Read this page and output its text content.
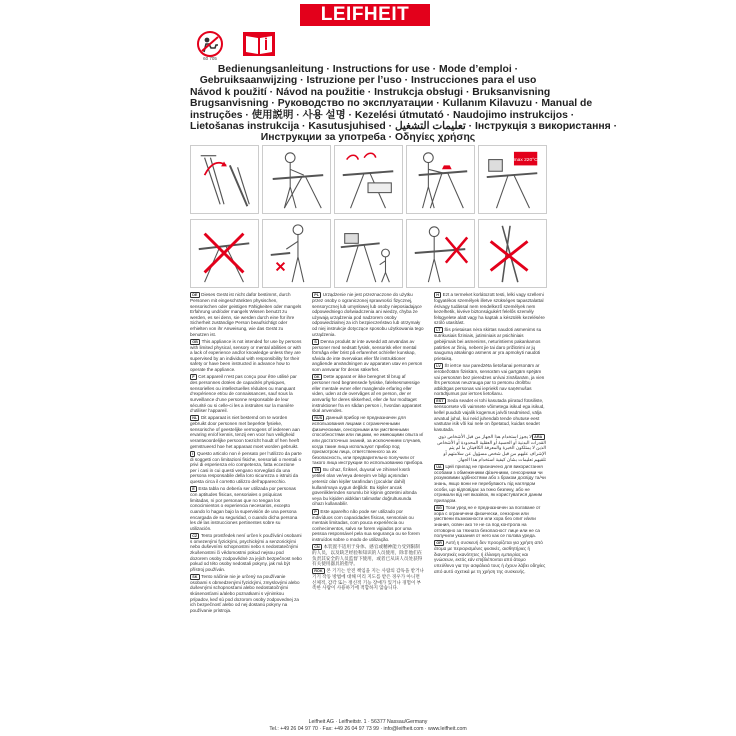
LEIFHEIT
60 705
Bedienungsanleitung · Instructions for use · Mode d’emploi ·
Gebruiksaanwijzing · Istruzione per l’uso · Instrucciones para el uso
Návod k použití · Návod na použitie · Instrukcja obsługi · Bruksanvisning
Brugsanvisning · Руководство по эксплуатации · Kullanım Kilavuzu · Manual de
instruções · 使用説明 · 사용 설명 · Kezelési útmutató · Naudojimo instrukcijos ·
Lietošanas instrukcija · Kasutusjuhised · تعليمات التشغيل · Інструкція з використання ·
Инструкции за употреба · Οδηγίες χρήσης
max 220°C

DE Dieses Gerät ist nicht dafür bestimmt, durch Personen mit eingeschränkten physischen, sensorischen oder geistigen Fähigkeiten oder mangels Erfahrung und/oder mangels Wissen benutzt zu werden, es sei denn, sie werden durch eine für ihre Sicherheit zuständige Person beaufsichtigt oder erhielten von ihr Anweisung, wie das Gerät zu benutzen ist.

GB This appliance is not intended for use by persons with limited physical, sensory or mental abilities or with a lack of experience and/or knowledge unless they are supervised by an individual with responsibility for their safety or have been instructed in advance how to operate the appliance.

F Cet appareil n’est pas conçu pour être utilisé par des personnes dotées de capacités physiques, sensorielles ou intellectuelles réduites ou manquant d’expérience et/ou de connaissances, sauf sous la surveillance d’une personne responsable de leur sécurité ou si celle-ci les a instruites sur la manière d’utiliser l’appareil.

NL Dit apparaat is niet bestemd om te worden gebruikt door personen met beperkte fysieke, sensorische of geestelijke vermogens of iedereen aan ervaring en/of kennis, tenzij een voor hun veiligheid verantwoordelijke persoon toezicht houdt of hen heeft geïnstrueerd hoe het apparaat moet worden gebruikt.

I Questo articolo non è pensato per l’utilizzo da parte di soggetti con limitazioni fisiche, sensoriali o mentali o privi di esperienza e/o competenza, fatta eccezione per i casi in cui questi vengano sorvegliati da una persona responsabile della loro sicurezza o istruiti da questa circa il corretto utilizzo dell’apparecchio.

E Esta tabla no debería ser utilizada por personas con aptitudes físicas, sensoriales o psíquicas limitadas, ni por personas que no tengan los conocimientos o experiencia necesarios, excepto cuando lo hagan bajo la supervisión de una persona encargada de su seguridad, o cuando dicha persona les dé las instrucciones pertinentes sobre su utilización.

CZ Tento prostředek není určen k používání osobami s omezenými fyzickými, psychickými a senzorickými nebo duševními schopnostmi nebo s nedostatečnými zkušenostmi či vědomostmi pokud nejsou pod dozorem osoby zodpovědné za jejich bezpečnost nebo pokud od této osoby nedostali pokyny, jak má být přístroj používán.

SK Tento náčinie nie je určený na používanie osobami s obmedzenými fyzickými, zmyslovými alebo duševnými schopnosťami alebo nedostatočnými skúsenosťami a/alebo poznatkami s výnimkou prípadov, keď sú pod dozorom osoby zodpovednej za ich bezpečnosť alebo od nej dostanú pokyny na používanie prístroja.

PL Urządzenie nie jest przeznaczone do użytku przez osoby o ograniczonej sprawności fizycznej, sensorycznej lub umysłowej lub osoby nieposiadające odpowiedniego doświadczenia ani wiedzy, chyba że używają urządzenia pod nadzorem osoby odpowiedzialnej za ich bezpieczeństwo lub otrzymały od niej instrukcje dotyczące sposobu użytkowania tego urządzenia.

S Denna produkt är inte avsedd att användas av personer med nedsatt fysisk, sensorisk eller mental förmåga eller brist på erfarenhet och/eller kunskap, såvida de inte övervakas eller får instruktioner angående användningen av apparaten utav en person som ansvarar för deras säkerhet.

DK Dette apparat er ikke beregnet til brug af personer med begrænsede fysiske, følelsesmæssige eller mentale evner eller manglende erfaring eller viden, uden at de overvåges af en person, der er ansvarlig for deres sikkerhed, eller de har modtaget instruktioner fra en sådan person i, hvordan apparatet skal anvendes.

RUS Данный прибор не предназначен для использования лицами с ограниченными физическими, сенсорными или умственными способностями или лицами, не имеющими опыта и/или достаточных знаний, за исключением случаев, когда такие лица используют прибор под присмотром лица, ответственного за их безопасность, или предварительно получили от такого лица инструкции по использованию прибора.

TR Bu cihaz, fiziksel, duyusal ve zihinsel kısıtlı yetileri olan ve/veya deneyim ve bilgi açısından yetersiz olan kişiler tarafından (çocuklar dahil) kullanılmaya uygun değildir. Bu kişiler ancak güvenliklerinden sorumlu bir kişinin gözetimi altında veya bu kişiden aldıkları talimatlar doğrultusunda cihazı kullanabilir.

P Este aparelho não pode ser utilizado por indivíduos com capacidades físicas, sensoriais ou mentais limitadas, com pouca experiência ou conhecimentos, salvo se forem vigiados por uma pessoa responsável pela sua segurança ou se forem instruídos sobre o modo de utilização.

CN 本装置不适用于身体、感官或精神能力受到限制的人员，以及缺乏经验和知识的人员使用，除非他们在负责其安全的人员监督下使用，或者已从该人员处获得有关使用器具的指导。

ROK 본 기기는 안전 책임을 지는 사람의 감독을 받거나 기기 작동 방법에 대해 미리 지도를 받은 경우가 아니면 신체적, 감각 또는 정신적 기능 장애가 있거나 경험이 부족한 사람이 사용하기에 적합하지 않습니다.

H Ezt a termeket korlátozott testi, lelki vagy szellemi fogyatékos személyek illetve szükséges tapasztalattal és/vagy tudással nem rendelkező személyek nem kezelhetik, kivéve biztonságukért felelős személy felügyelete alatt vagy ha kaptak a készülék kezelésére szóló utasítást.

LT Šis prietaisas nėra skirtas naudoti asmenims su sutrikusiais fiziniais, jutiminiais ar psichiniais gebėjimais bei asmenims, neturintiems pakankamos patirties ar žinių, nebent jie tai daro prižiūrimi ar jų saugumą atsakingo asmens ar yra apmokyti naudoti prietaisą.

LV Šī ierīce nav paredzēta lietošanai personām ar ierobežotām fiziskām, sensorām vai garīgām spējām vai personām bez pieredzes un/vai zināšanām, ja vien šīs personas neuzrauga par to personu drošību atbildīgas personas vai iepriekš nav saņēmušas norādījumus par ierīces lietošanu.

EST Seda seadet ei tohi kasutada piiratud füüsiliste, sensoorsete või vaimsete võimetega isikud ega isikud, kellel puudub vajalik kogemus ja/või teadmised, välja arvatud juhul, kui neid juhendab tende ohutuse eest vastutav isik või kui nele on õpetatud, kuidas seadet kasutada.

ARAلا يجوز استخدام هذا الجهاز من قبل الأشخاص ذوي القدرات البدنية أو الحسية أو العقلية المحدودة أو الأشخاص الذين لا يمتلكون الخبرة والمعرفة الكافيتان ما لم يتم الإشراف عليهم من قبل شخص مسؤول عن سلامتهم أو تلقيهم تعليمات بشأن كيفية استخدام هذا الجهاز.

UA Цей прилад не призначено для використання особами з обмеженими фізичними, сенсорними чи розумовими здібностями або з браком досвіду та/чи знань, якщо вони не перебувають під наглядом особи, що відповідає за їхню безпеку, або не отримали від неї вказівок, як користуватися даним приладом.

BG Този уред не е предназначен за ползване от хора с ограничени физически, сензорни или умствени възможности или хора без опит и/или знания, освен ако те не са под контрола на отговорно за тяхната безопасност лице или не са получили указания от него как се ползва уреда.

GR Αυτή η συσκευή δεν προορίζεται για χρήση από άτομα με περιορισμένες φυσικές, αισθητήριες ή διανοητικές ικανότητες ή έλλειψη εμπειρίας και γνώσεων, εκτός εάν επιβλέπονται από άτομο υπεύθυνο για την ασφάλειά τους ή έχουν λάβει οδηγίες από αυτό σχετικά με τη χρήση της συσκευής.

Leifheit AG · Leifheitstr. 1 · 56377 Nassau/Germany
Tel.: +49 26 04 97 70 · Fax: +49 26 04 97 73 99 · info@leifheit.com · www.leifheit.com
